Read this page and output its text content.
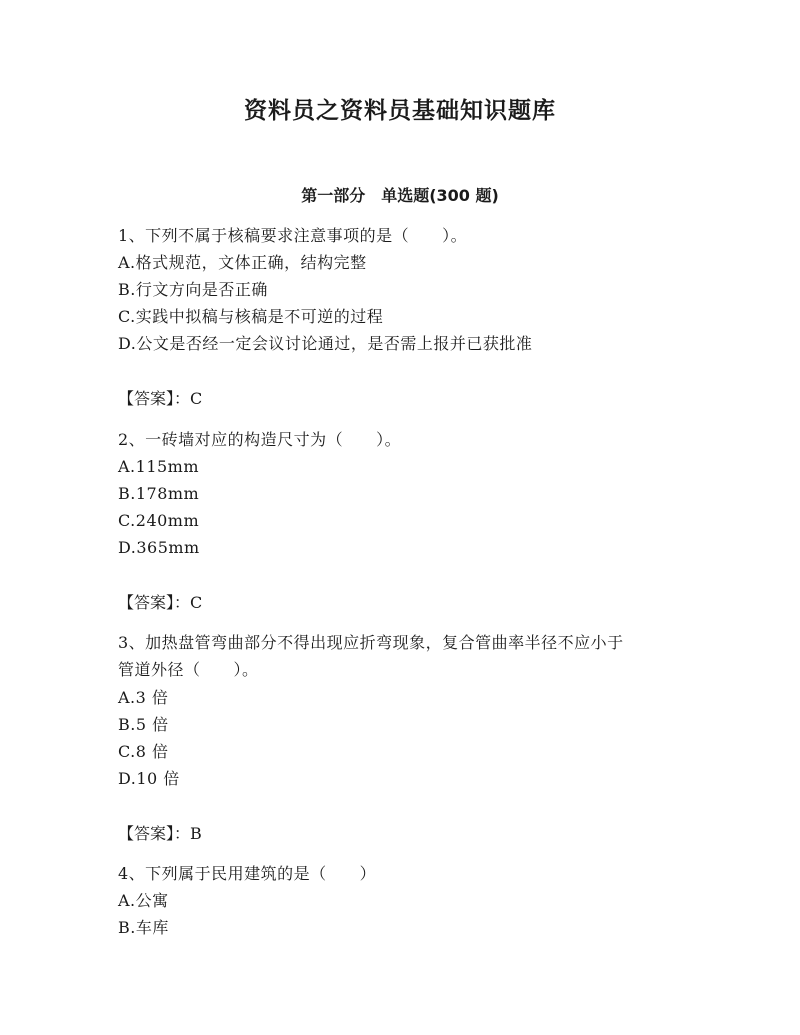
资料员之资料员基础知识题库
第一部分　单选题(300 题)
1、下列不属于核稿要求注意事项的是（　　）。
A.格式规范，文体正确，结构完整
B.行文方向是否正确
C.实践中拟稿与核稿是不可逆的过程
D.公文是否经一定会议讨论通过，是否需上报并已获批准
【答案】：C
2、一砖墙对应的构造尺寸为（　　）。
A.115mm
B.178mm
C.240mm
D.365mm
【答案】：C
3、加热盘管弯曲部分不得出现应折弯现象，复合管曲率半径不应小于
管道外径（　　）。
A.3 倍
B.5 倍
C.8 倍
D.10 倍
【答案】：B
4、下列属于民用建筑的是（　　）
A.公寓
B.车库
